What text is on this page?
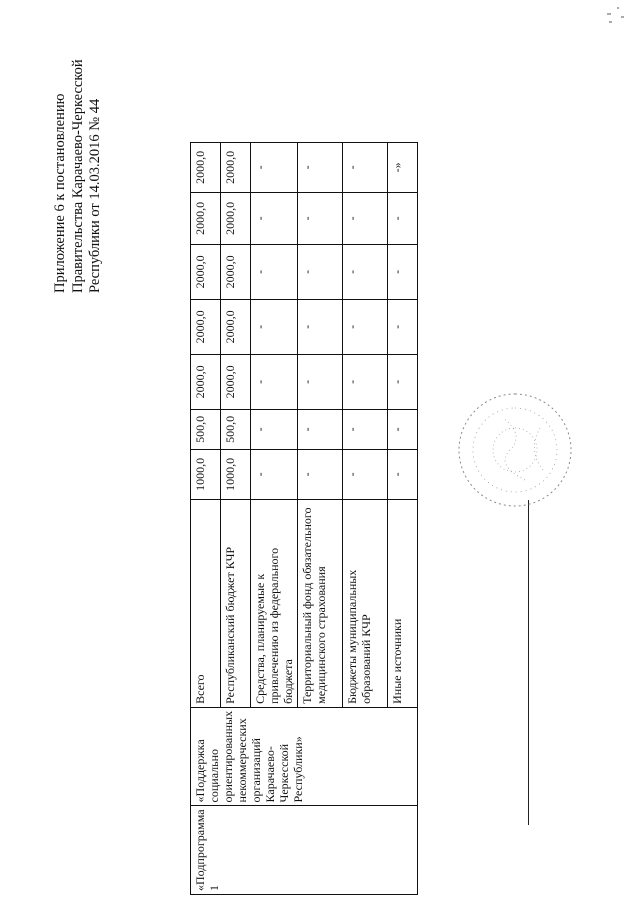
Приложение 6 к постановлению Правительства Карачаево-Черкесской Республики от 14.03.2016 № 44
«Подпрограмма 1	«Поддержка социально ориентированных некоммерческих организаций Карачаево-Черкесской Республики»	Всего	1000,0	500,0	2000,0	2000,0	2000,0	2000,0	2000,0
		Республиканский бюджет КЧР	1000,0	500,0	2000,0	2000,0	2000,0	2000,0	2000,0
		Средства, планируемые к привлечению из федерального бюджета	-	-	-	-	-	-	-
		Территориальный фонд обязательного медицинского страхования	-	-	-	-	-	-	-
		Бюджеты муниципальных образований КЧР	-	-	-	-	-	-	-
		Иные источники	-	-	-	-	-	-	-»
